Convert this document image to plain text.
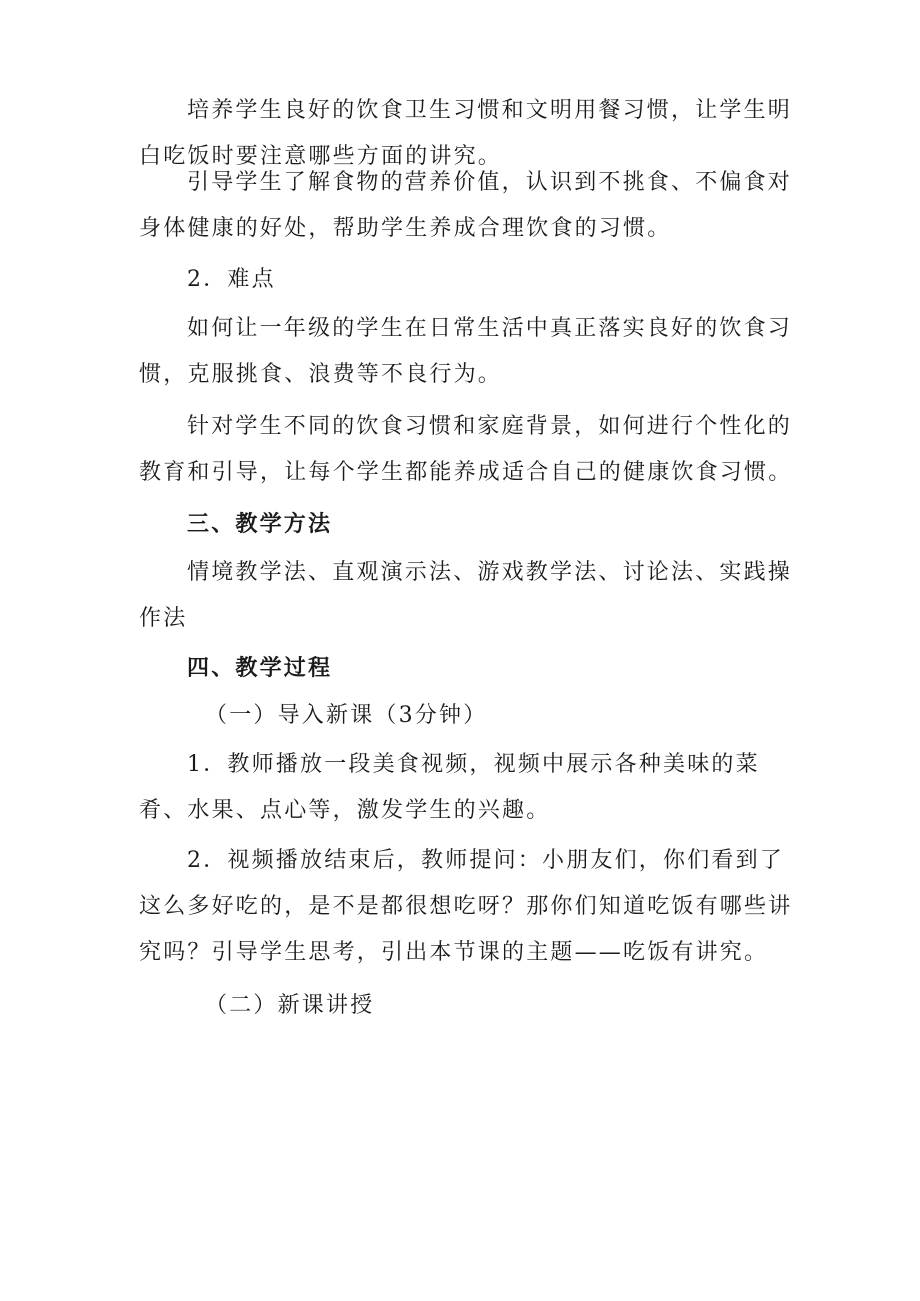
培养学生良好的饮食卫生习惯和文明用餐习惯，让学生明白吃饭时要注意哪些方面的讲究。

引导学生了解食物的营养价值，认识到不挑食、不偏食对身体健康的好处，帮助学生养成合理饮食的习惯。

2．难点

如何让一年级的学生在日常生活中真正落实良好的饮食习惯，克服挑食、浪费等不良行为。

针对学生不同的饮食习惯和家庭背景，如何进行个性化的教育和引导，让每个学生都能养成适合自己的健康饮食习惯。

三、教学方法

情境教学法、直观演示法、游戏教学法、讨论法、实践操作法

四、教学过程

（一）导入新课（3分钟）

1．教师播放一段美食视频，视频中展示各种美味的菜肴、水果、点心等，激发学生的兴趣。

2．视频播放结束后，教师提问：小朋友们，你们看到了这么多好吃的，是不是都很想吃呀？那你们知道吃饭有哪些讲究吗？引导学生思考，引出本节课的主题——吃饭有讲究。

（二）新课讲授
